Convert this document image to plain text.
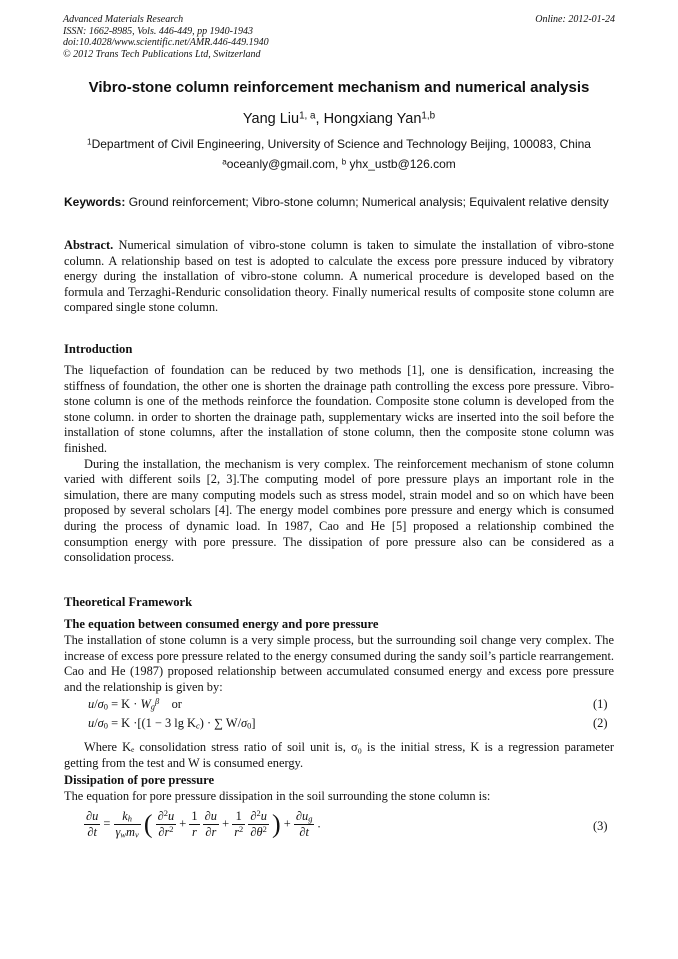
Advanced Materials Research
ISSN: 1662-8985, Vols. 446-449, pp 1940-1943
doi:10.4028/www.scientific.net/AMR.446-449.1940
© 2012 Trans Tech Publications Ltd, Switzerland
Online: 2012-01-24
Vibro-stone column reinforcement mechanism and numerical analysis
Yang Liu$^{1, a}$, Hongxiang Yan$^{1,b}$
$^1$Department of Civil Engineering, University of Science and Technology Beijing, 100083, China
$^a$oceanly@gmail.com, $^b$ yhx_ustb@126.com
Keywords: Ground reinforcement; Vibro-stone column; Numerical analysis; Equivalent relative density

Abstract. Numerical simulation of vibro-stone column is taken to simulate the installation of vibro-stone column. A relationship based on test is adopted to calculate the excess pore pressure induced by vibratory energy during the installation of vibro-stone column. A numerical procedure is developed based on the formula and Terzaghi-Renduric consolidation theory. Finally numerical results of composite stone column are compared single stone column.

Introduction

The liquefaction of foundation can be reduced by two methods [1], one is densification, increasing the stiffness of foundation, the other one is shorten the drainage path controlling the excess pore pressure. Vibro-stone column is one of the methods reinforce the foundation. Composite stone column is developed from the stone column. in order to shorten the drainage path, supplementary wicks are inserted into the soil before the installation of stone columns, after the installation of stone column, then the composite stone column was finished.

During the installation, the mechanism is very complex. The reinforcement mechanism of stone column varied with different soils [2, 3].The computing model of pore pressure plays an important role in the simulation, there are many computing models such as stress model, strain model and so on which have been proposed by several scholars [4]. The energy model combines pore pressure and energy which is consumed during the process of dynamic load. In 1987, Cao and He [5] proposed a relationship combined the consumption energy with pore pressure. The dissipation of pore pressure also can be considered as a consolidation process.

Theoretical Framework
The equation between consumed energy and pore pressure
The installation of stone column is a very simple process, but the surrounding soil change very complex. The increase of excess pore pressure related to the energy consumed during the sandy soil’s particle rearrangement. Cao and He (1987) proposed relationship between accumulated consumed energy and excess pore pressure and the relationship is given by:
$u/\sigma_0 = K \cdot W_g^\beta$ or	(1)
$u/\sigma_0 = K \cdot[(1 - 3$ $\lg K_c$) · ∑ $W/\sigma_0$]	(2)
Where Kₑ consolidation stress ratio of soil unit is, σ₀ is the initial stress, K is a regression parameter getting from the test and W is consumed energy.
Dissipation of pore pressure
The equation for pore pressure dissipation in the soil surrounding the stone column is:
$\frac{\partial u}{\partial t} = \frac{k_h}{\gamma_wm_v}$ ( $\frac{\partial^2u}{\partial r^2} + \frac{1}{r}$
$\frac{\partial u}{\partial r} + \frac{1}{r^2}$
$\frac{\partial^2u}{\partial\theta^2}$ ) + $\frac{\partial u_g}{\partial t}$ .	(3)
